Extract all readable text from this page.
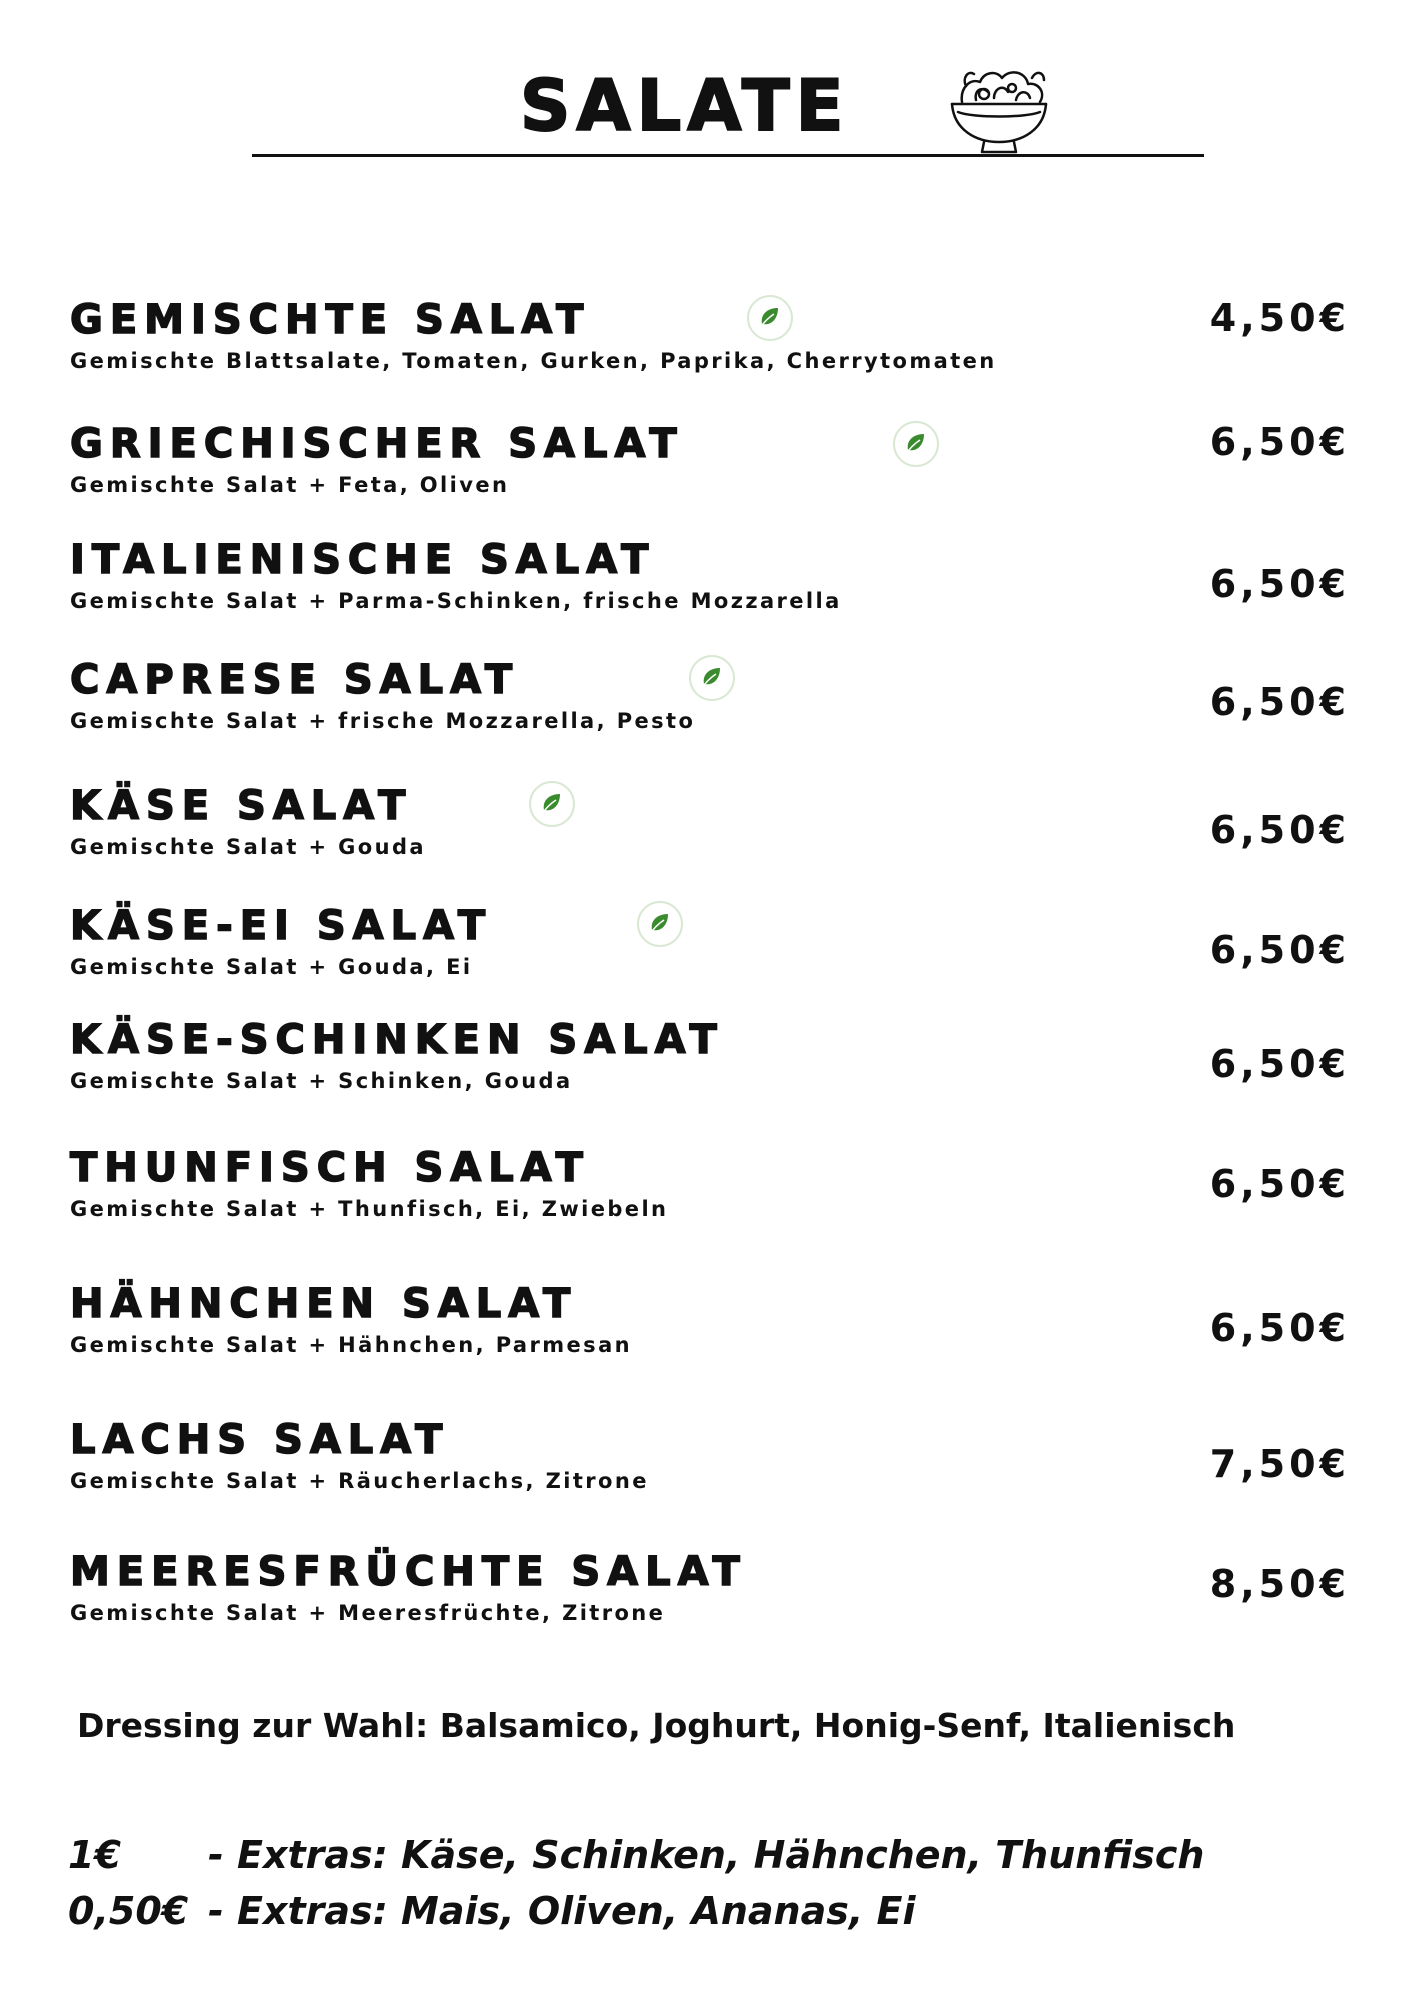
SALATE
GEMISCHTE SALAT
Gemischte Blattsalate, Tomaten, Gurken, Paprika, Cherrytomaten
4,50€
GRIECHISCHER SALAT
Gemischte Salat + Feta, Oliven
6,50€
ITALIENISCHE SALAT
Gemischte Salat + Parma-Schinken, frische Mozzarella	6,50€
CAPRESE SALAT
Gemischte Salat + frische Mozzarella, Pesto	6,50€
KÄSE SALAT
Gemischte Salat + Gouda	6,50€
KÄSE-EI SALAT
Gemischte Salat + Gouda, Ei	6,50€
KÄSE-SCHINKEN SALAT
Gemischte Salat + Schinken, Gouda	6,50€
THUNFISCH SALAT
Gemischte Salat + Thunfisch, Ei, Zwiebeln
6,50€
HÄHNCHEN SALAT
Gemischte Salat + Hähnchen, Parmesan	6,50€
LACHS SALAT
Gemischte Salat + Räucherlachs, Zitrone	7,50€
MEERESFRÜCHTE SALAT
Gemischte Salat + Meeresfrüchte, Zitrone
8,50€
Dressing zur Wahl: Balsamico, Joghurt, Honig-Senf, Italienisch
1€ - Extras: Käse, Schinken, Hähnchen, Thunfisch
0,50€ - Extras: Mais, Oliven, Ananas, Ei
